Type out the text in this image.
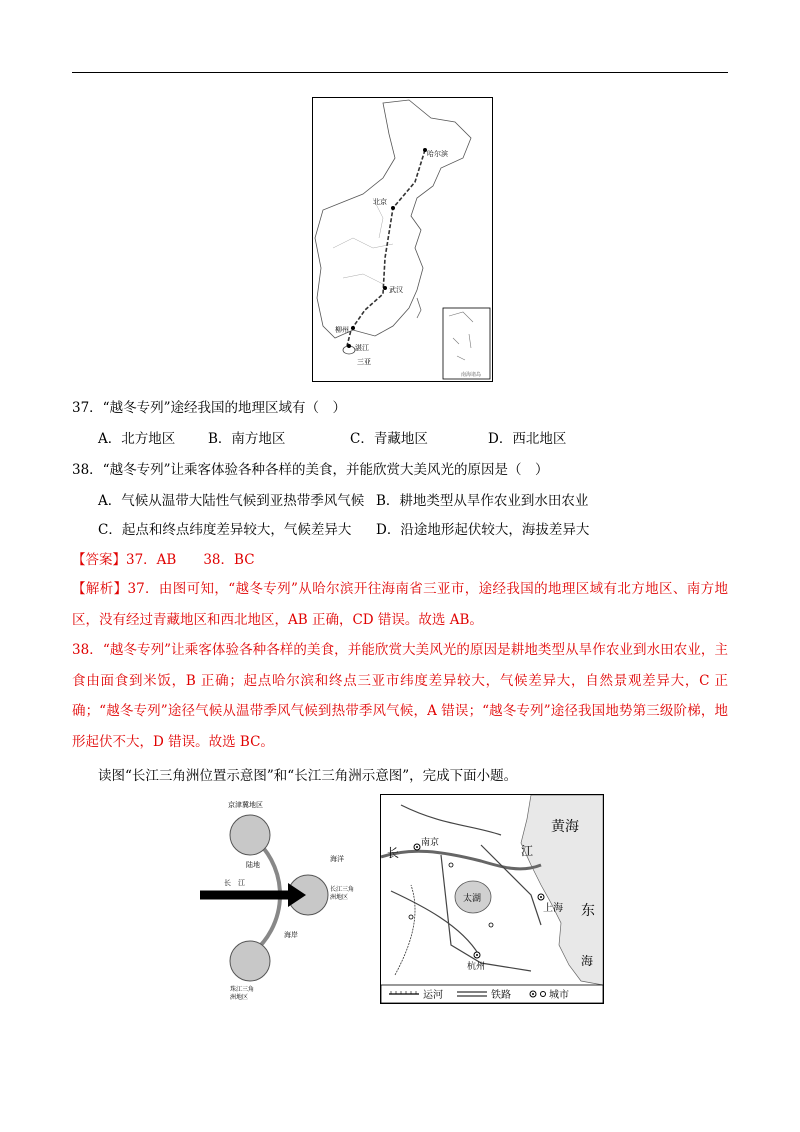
哈尔滨
北京
武汉
柳州
湛江
三亚
南海诸岛
37．“越冬专列”途经我国的地理区域有（　）
A．北方地区 B．南方地区	C．青藏地区	D．西北地区
38．“越冬专列”让乘客体验各种各样的美食，并能欣赏大美风光的原因是（　）
A．气候从温带大陆性气候到亚热带季风气候 B．耕地类型从旱作农业到水田农业
C．起点和终点纬度差异较大，气候差异大 D．沿途地形起伏较大，海拔差异大
【答案】37．AB　　38．BC
【解析】37．由图可知，“越冬专列”从哈尔滨开往海南省三亚市，途经我国的地理区域有北方地区、南方地区，没有经过青藏地区和西北地区，AB 正确，CD 错误。故选 AB。
38．“越冬专列”让乘客体验各种各样的美食，并能欣赏大美风光的原因是耕地类型从旱作农业到水田农业，主食由面食到米饭，B 正确；起点哈尔滨和终点三亚市纬度差异较大，气候差异大，自然景观差异大，C 正确；“越冬专列”途径气候从温带季风气候到热带季风气候，A 错误；“越冬专列”途径我国地势第三级阶梯，地形起伏不大，D 错误。故选 BC。
读图“长江三角洲位置示意图”和“长江三角洲示意图”，完成下面小题。
京津冀地区
陆地
海洋
长　江
长江三角
洲地区
海岸
珠江三角
洲地区
黄海
长
南京
江
太湖
上海 东
杭州	海
运河	铁路	城市
